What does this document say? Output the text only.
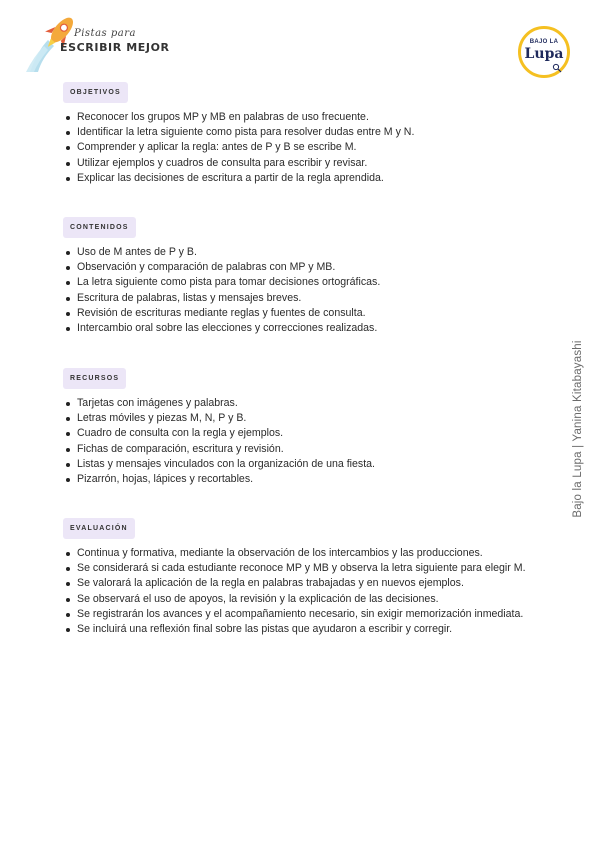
Pistas para
ESCRIBIR MEJOR	BAJO LA
Lupa
OBJETIVOS
Reconocer los grupos MP y MB en palabras de uso frecuente.
Identificar la letra siguiente como pista para resolver dudas entre M y N.
Comprender y aplicar la regla: antes de P y B se escribe M.
Utilizar ejemplos y cuadros de consulta para escribir y revisar.
Explicar las decisiones de escritura a partir de la regla aprendida.
CONTENIDOS
Uso de M antes de P y B.
Observación y comparación de palabras con MP y MB.
La letra siguiente como pista para tomar decisiones ortográficas.
Escritura de palabras, listas y mensajes breves.
Revisión de escrituras mediante reglas y fuentes de consulta.
Intercambio oral sobre las elecciones y correcciones realizadas.
RECURSOS
Tarjetas con imágenes y palabras.
Letras móviles y piezas M, N, P y B.
Cuadro de consulta con la regla y ejemplos.
Fichas de comparación, escritura y revisión.
Listas y mensajes vinculados con la organización de una fiesta.
Pizarrón, hojas, lápices y recortables.
EVALUACIÓN
Continua y formativa, mediante la observación de los intercambios y las producciones.
Se considerará si cada estudiante reconoce MP y MB y observa la letra siguiente para elegir M.
Se valorará la aplicación de la regla en palabras trabajadas y en nuevos ejemplos.
Se observará el uso de apoyos, la revisión y la explicación de las decisiones.
Se registrarán los avances y el acompañamiento necesario, sin exigir memorización inmediata.
Se incluirá una reflexión final sobre las pistas que ayudaron a escribir y corregir.
Bajo la Lupa | Yanina Kitabayashi
